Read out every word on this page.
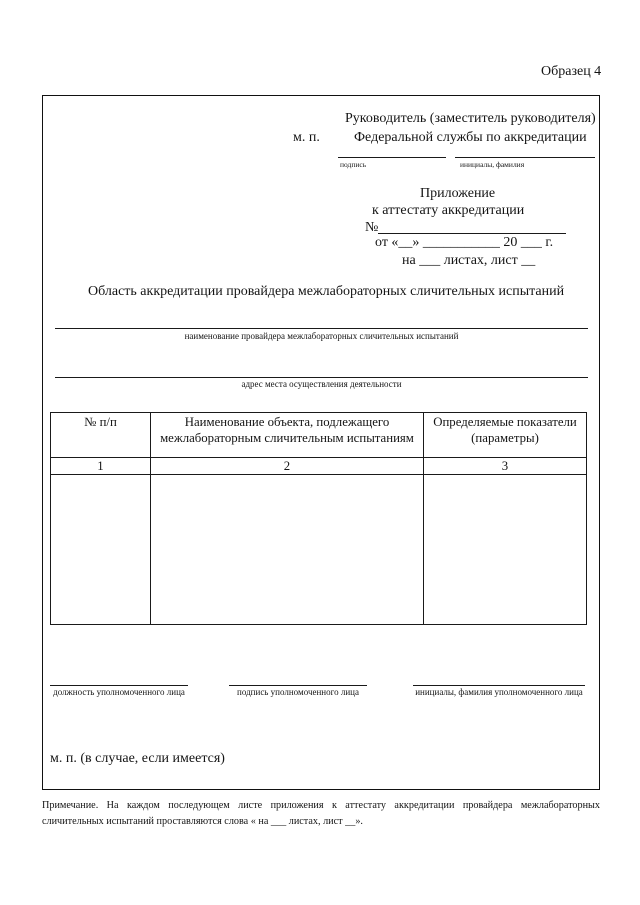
Образец 4
Руководитель (заместитель руководителя)
м. п. Федеральной службы по аккредитации
подпись	инициалы, фамилия
Приложение
к аттестату аккредитации
№
от «__» ___________ 20 ___ г.
на ___ листах, лист __
Область аккредитации провайдера межлабораторных сличительных испытаний
наименование провайдера межлабораторных сличительных испытаний
адрес места осуществления деятельности
№ п/п	Наименование объекта, подлежащего межлабораторным сличительным испытаниям	Определяемые показатели (параметры)
1	2	3

должность уполномоченного лица	подпись уполномоченного лица	инициалы, фамилия уполномоченного лица
м. п. (в случае, если имеется)
Примечание. На каждом последующем листе приложения к аттестату аккредитации провайдера межлабораторных
сличительных испытаний проставляются слова « на ___ листах, лист __».
